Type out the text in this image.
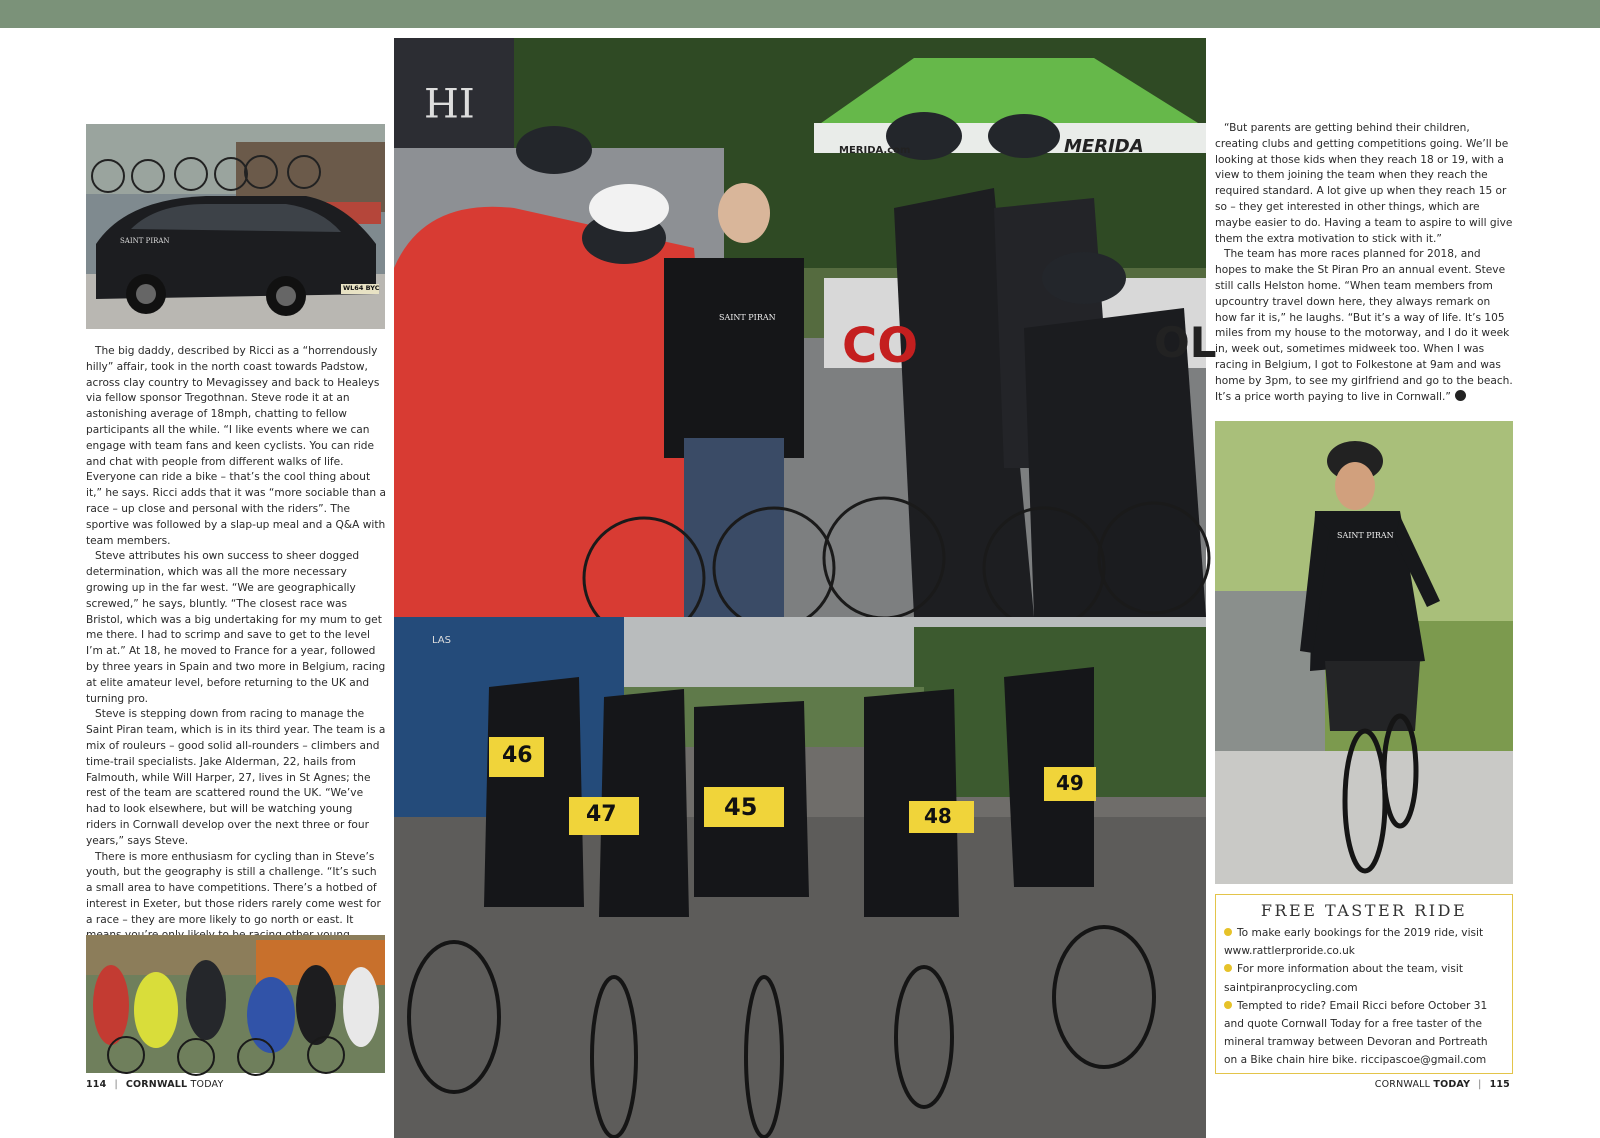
SAINT PIRAN
WL64 BYC

The big daddy, described by Ricci as a “horrendously hilly” affair, took in the north coast towards Padstow, across clay country to Mevagissey and back to Healeys via fellow sponsor Tregothnan. Steve rode it at an astonishing average of 18mph, chatting to fellow participants all the while. “I like events where we can engage with team fans and keen cyclists. You can ride and chat with people from different walks of life. Everyone can ride a bike – that’s the cool thing about it,” he says. Ricci adds that it was “more sociable than a race – up close and personal with the riders”. The sportive was followed by a slap-up meal and a Q&A with team members.

Steve attributes his own success to sheer dogged determination, which was all the more necessary growing up in the far west. “We are geographically screwed,” he says, bluntly. “The closest race was Bristol, which was a big undertaking for my mum to get me there. I had to scrimp and save to get to the level I’m at.” At 18, he moved to France for a year, followed by three years in Spain and two more in Belgium, racing at elite amateur level, before returning to the UK and turning pro.

Steve is stepping down from racing to manage the Saint Piran team, which is in its third year. The team is a mix of rouleurs – good solid all-rounders – climbers and time-trail specialists. Jake Alderman, 22, hails from Falmouth, while Will Harper, 27, lives in St Agnes; the rest of the team are scattered round the UK. “We’ve had to look elsewhere, but will be watching young riders in Cornwall develop over the next three or four years,” says Steve.

There is more enthusiasm for cycling than in Steve’s youth, but the geography is still a challenge. “It’s such a small area to have competitions. There’s a hotbed of interest in Exeter, but those riders rarely come west for a race – they are more likely to go north or east. It

IH
MERIDA
MERIDA.com
CO	OL
SAINT PIRAN
LAS
46
47	45	48
49

“But parents are getting behind their children, creating clubs and getting competitions going. We’ll be looking at those kids when they reach 18 or 19, with a view to them joining the team when they reach the required standard. A lot give up when they reach 15 or so – they get interested in other things, which are maybe easier to do. Having a team to aspire to will give them the extra motivation to stick with it.”

The team has more races planned for 2018, and hopes to make the St Piran Pro an annual event. Steve still calls Helston home. “When team members from upcountry travel down here, they always remark on how far it is,” he laughs. “But it’s a way of life. It’s 105 miles from my house to the motorway, and I do it week in, week out, sometimes midweek too. When I was racing in Belgium, I got to Folkestone at 9am and was home by 3pm, to see my girlfriend and go to the beach. It’s a price worth paying to live in Cornwall.”

SAINT PIRAN
FREE TASTER RIDE
To make early bookings for the 2019 ride, visit www.rattlerproride.co.uk
For more information about the team, visit saintpiranprocycling.com
Tempted to ride? Email Ricci before October 31 and quote Cornwall Today for a free taster of the mineral tramway between Devoran and Portreath on a Bike chain hire bike. riccipascoe@gmail.com
114 | CORNWALL TODAY	CORNWALL TODAY | 115
